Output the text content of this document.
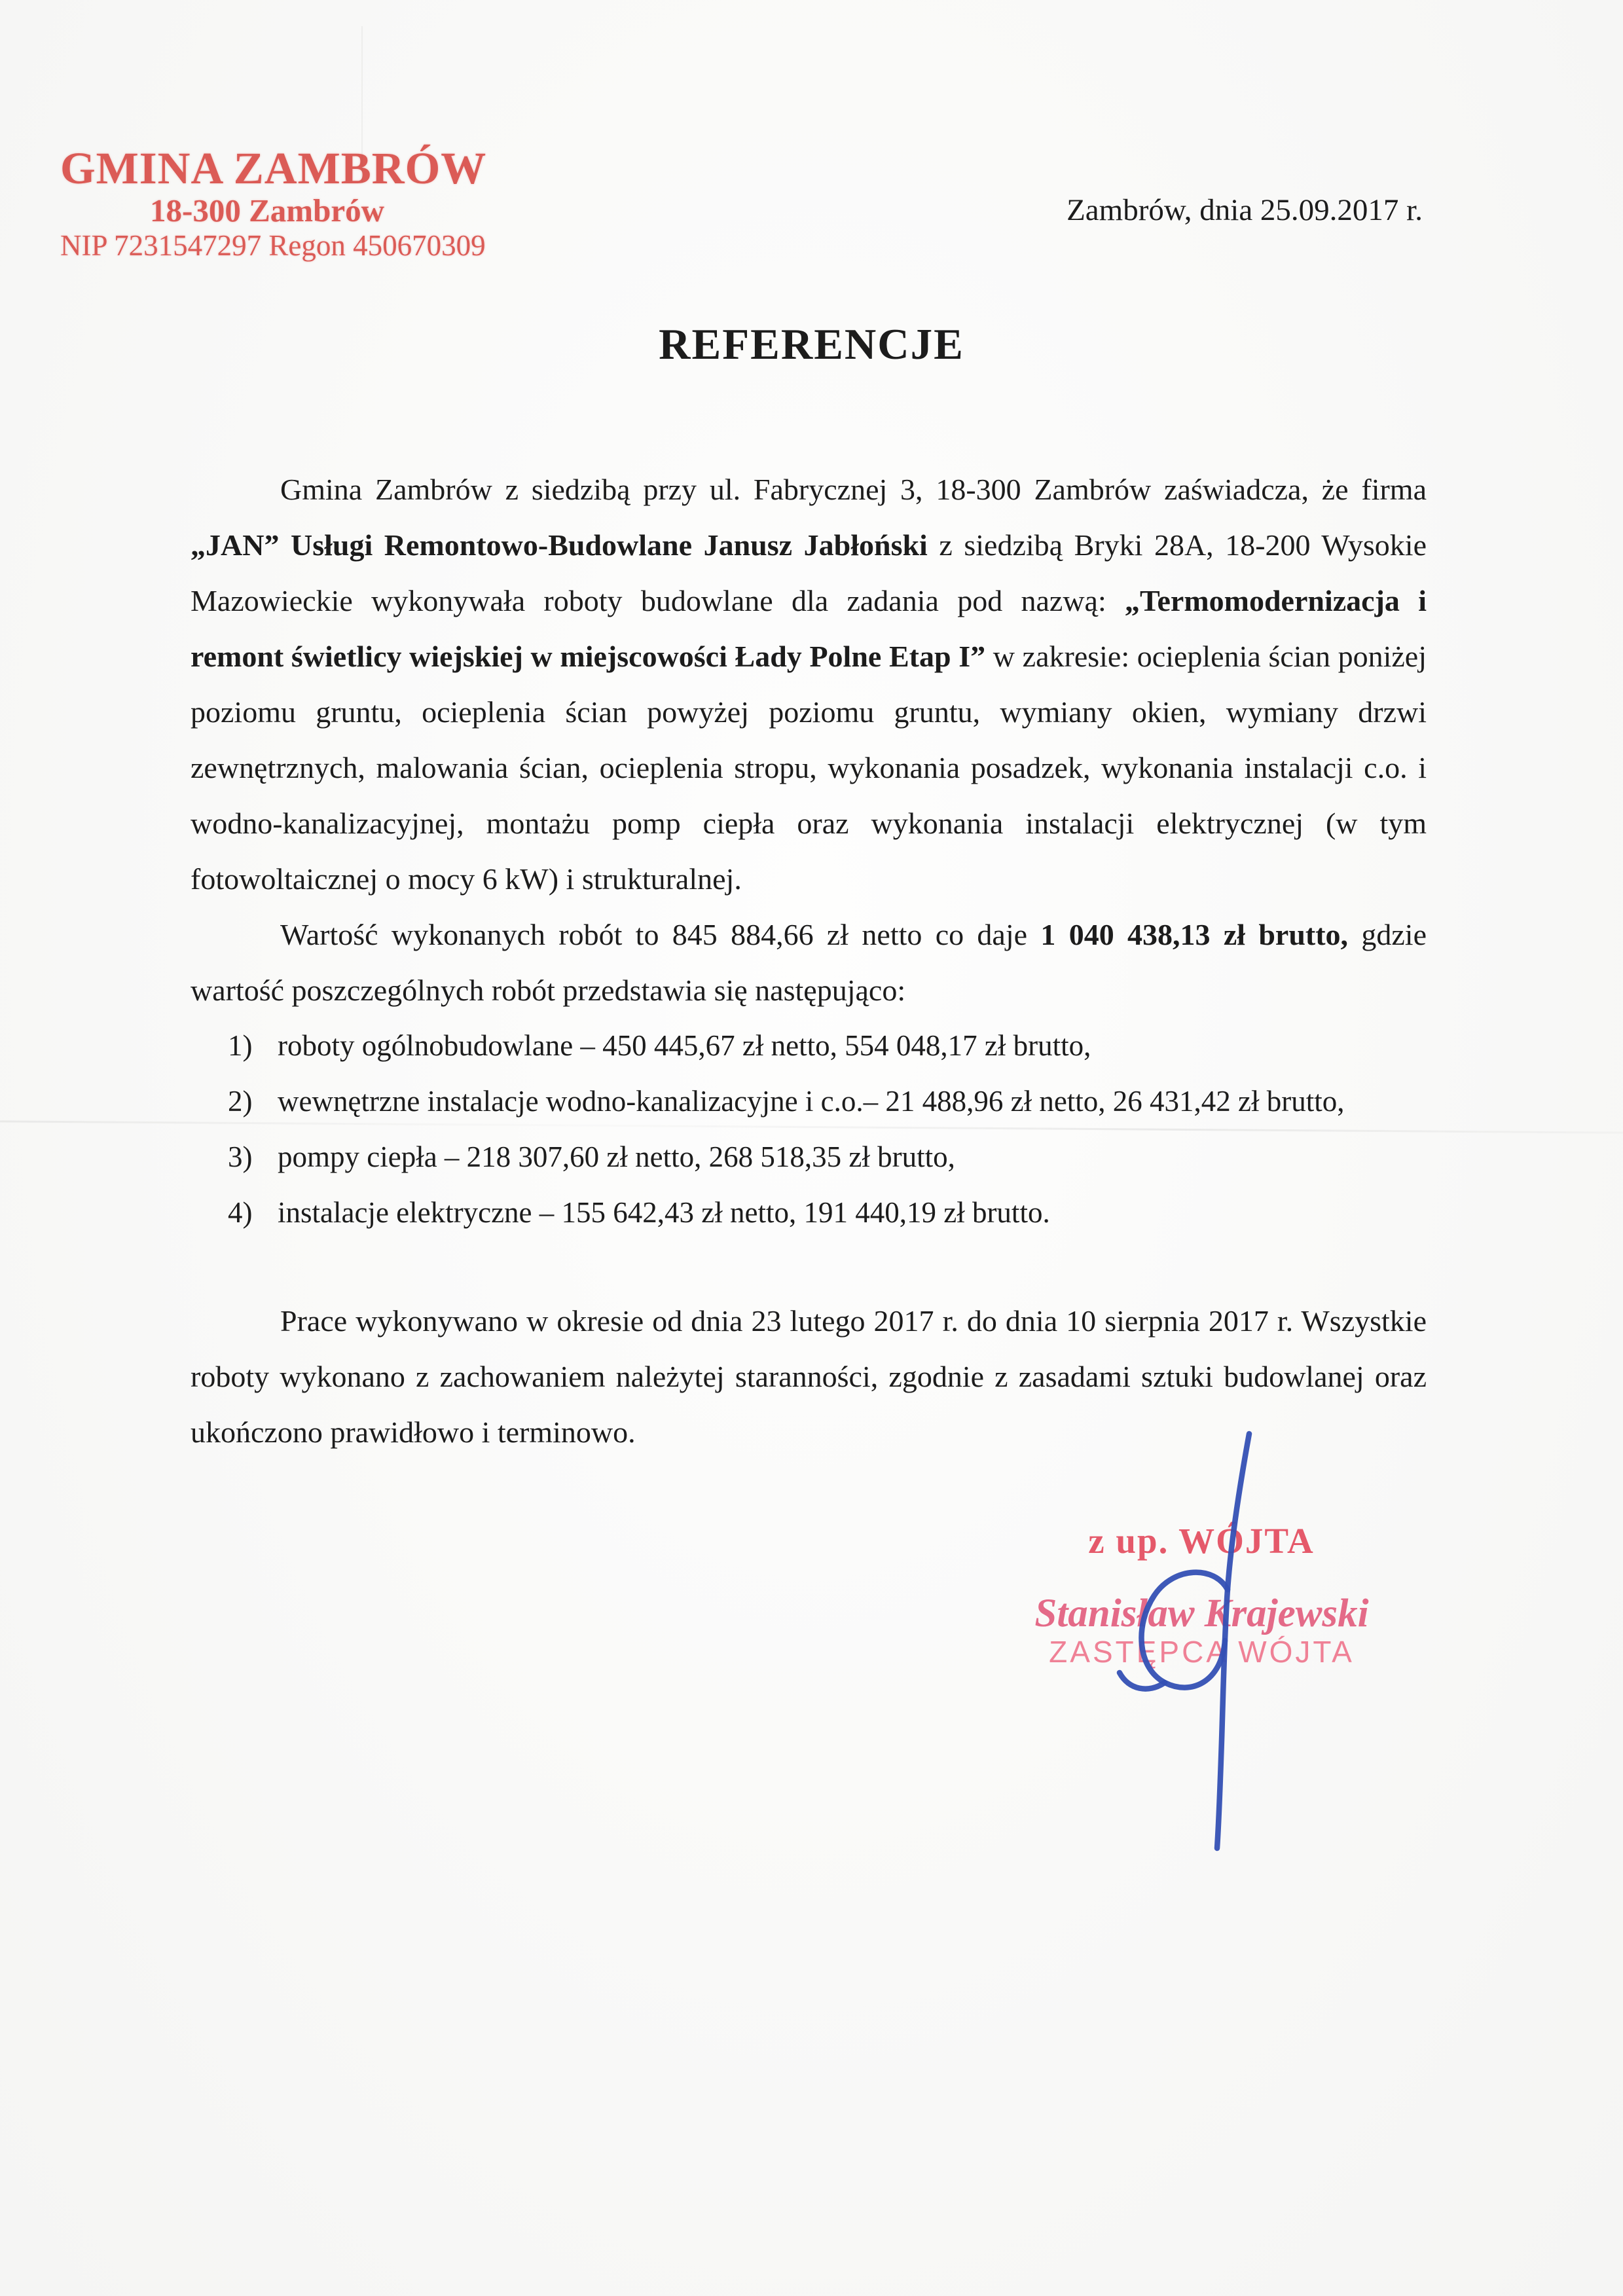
GMINA ZAMBRÓW
18-300 Zambrów
NIP 7231547297 Regon 450670309
Zambrów, dnia 25.09.2017 r.
REFERENCJE

Gmina Zambrów z siedzibą przy ul. Fabrycznej 3, 18-300 Zambrów zaświadcza, że firma „JAN” Usługi Remontowo-Budowlane Janusz Jabłoński z siedzibą Bryki 28A, 18-200 Wysokie Mazowieckie wykonywała roboty budowlane dla zadania pod nazwą: „Termomodernizacja i remont świetlicy wiejskiej w miejscowości Łady Polne Etap I” w zakresie: ocieplenia ścian poniżej poziomu gruntu, ocieplenia ścian powyżej poziomu gruntu, wymiany okien, wymiany drzwi zewnętrznych, malowania ścian, ocieplenia stropu, wykonania posadzek, wykonania instalacji c.o. i wodno-kanalizacyjnej, montażu pomp ciepła oraz wykonania instalacji elektrycznej (w tym fotowoltaicznej o mocy 6 kW) i strukturalnej.

Wartość wykonanych robót to 845 884,66 zł netto co daje 1 040 438,13 zł brutto, gdzie wartość poszczególnych robót przedstawia się następująco:

1) roboty ogólnobudowlane – 450 445,67 zł netto, 554 048,17 zł brutto,
2) wewnętrzne instalacje wodno-kanalizacyjne i c.o.– 21 488,96 zł netto, 26 431,42 zł brutto,
3) pompy ciepła – 218 307,60 zł netto, 268 518,35 zł brutto,
4) instalacje elektryczne – 155 642,43 zł netto, 191 440,19 zł brutto.

Prace wykonywano w okresie od dnia 23 lutego 2017 r. do dnia 10 sierpnia 2017 r. Wszystkie roboty wykonano z zachowaniem należytej staranności, zgodnie z zasadami sztuki budowlanej oraz ukończono prawidłowo i terminowo.

z up. WÓJTA
Stanisław Krajewski
ZASTĘPCA WÓJTA
